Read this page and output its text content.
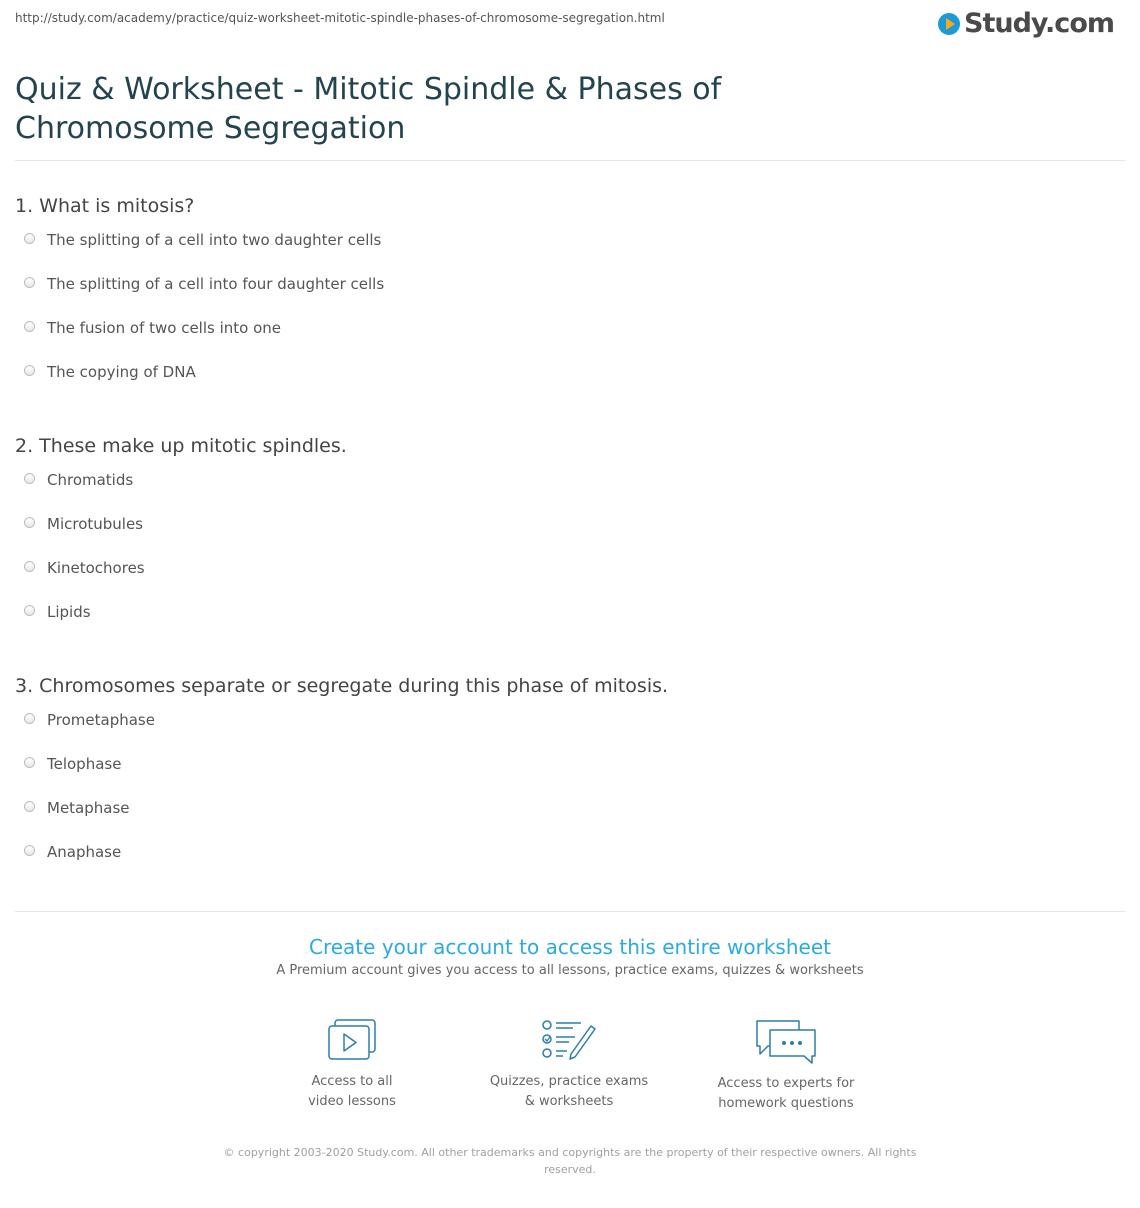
http://study.com/academy/practice/quiz-worksheet-mitotic-spindle-phases-of-chromosome-segregation.html	Study.com
Quiz & Worksheet - Mitotic Spindle & Phases of Chromosome Segregation
1. What is mitosis?
The splitting of a cell into two daughter cells
The splitting of a cell into four daughter cells
The fusion of two cells into one
The copying of DNA
2. These make up mitotic spindles.
Chromatids
Microtubules
Kinetochores
Lipids
3. Chromosomes separate or segregate during this phase of mitosis.
Prometaphase
Telophase
Metaphase
Anaphase
Create your account to access this entire worksheet
A Premium account gives you access to all lessons, practice exams, quizzes & worksheets
Access to all
video lessons
Quizzes, practice exams
& worksheets
Access to experts for
homework questions
© copyright 2003-2020 Study.com. All other trademarks and copyrights are the property of their respective owners. All rights reserved.
